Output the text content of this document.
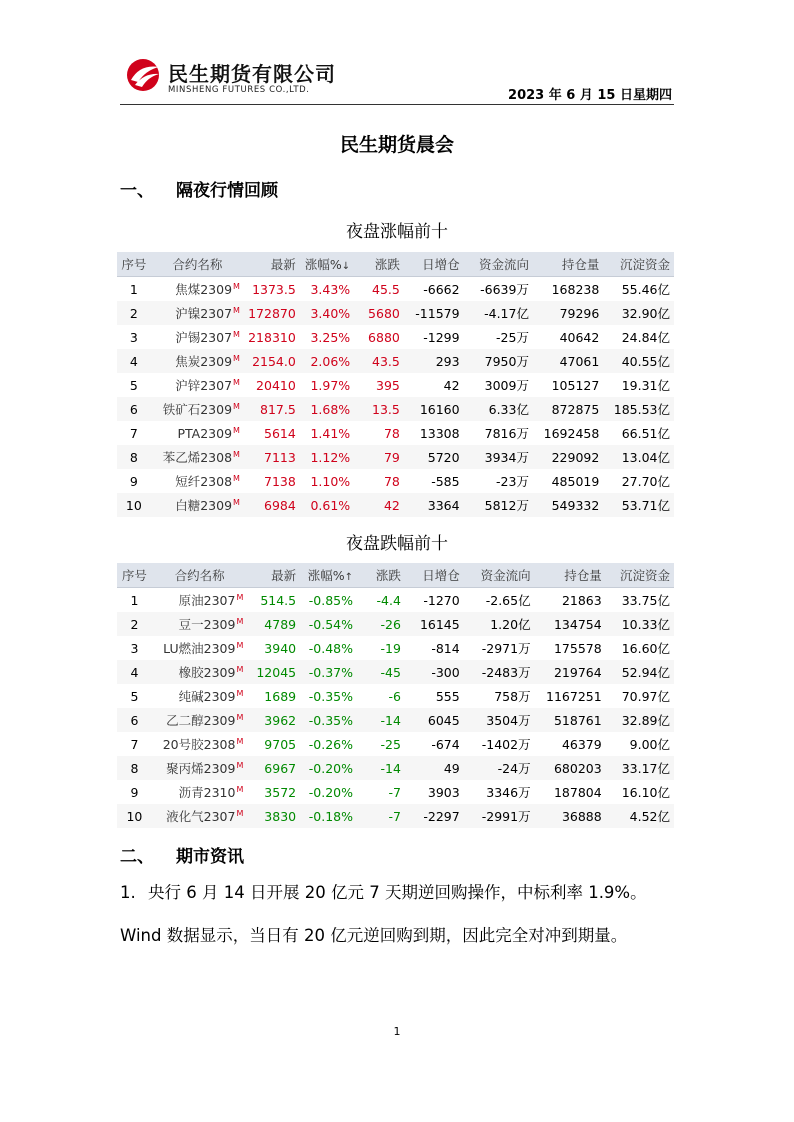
民生期货有限公司
MINSHENG FUTURES CO.,LTD.	2023 年 6 月 15 日星期四
民生期货晨会
一、 隔夜行情回顾
夜盘涨幅前十
序号	合约名称	最新	涨幅%↓	涨跌	日增仓	资金流向	持仓量	沉淀资金
1	焦煤$2309^M$	1373.5	3.43%	45.5	-6662	-6639万	168238	55.46亿
2	沪镍$2307^M$	172870	3.40%	5680	-11579	-4.17亿	79296	32.90亿
3	沪锡$2307^M$	218310	3.25%	6880	-1299	-25万	40642	24.84亿
4	焦炭$2309^M$	2154.0	2.06%	43.5	293	7950万	47061	40.55亿
5	沪锌$2307^M$	20410	1.97%	395	42	3009万	105127	19.31亿
6	铁矿石$2309^M$	817.5	1.68%	13.5	16160	6.33亿	872875	185.53亿
7	$PTA2309^M$	5614	1.41%	78	13308	7816万	1692458	66.51亿
8	苯乙烯$2308^M$	7113	1.12%	79	5720	3934万	229092	13.04亿
9	短纤$2308^M$	7138	1.10%	78	-585	-23万	485019	27.70亿
10	白糖$2309^M$	6984	0.61%	42	3364	5812万	549332	53.71亿
夜盘跌幅前十
序号	合约名称	最新	涨幅%↑	涨跌	日增仓	资金流向	持仓量	沉淀资金
1	原油$2307^M$	514.5	-0.85%	-4.4	-1270	-2.65亿	21863	33.75亿
2	豆一$2309^M$	4789	-0.54%	-26	16145	1.20亿	134754	10.33亿
3	LU燃油$2309^M$	3940	-0.48%	-19	-814	-2971万	175578	16.60亿
4	橡胶$2309^M$	12045	-0.37%	-45	-300	-2483万	219764	52.94亿
5	纯碱$2309^M$	1689	-0.35%	-6	555	758万	1167251	70.97亿
6	乙二醇$2309^M$	3962	-0.35%	-14	6045	3504万	518761	32.89亿
7	20号胶$2308^M$	9705	-0.26%	-25	-674	-1402万	46379	9.00亿
8	聚丙烯$2309^M$	6967	-0.20%	-14	49	-24万	680203	33.17亿
9	沥青$2310^M$	3572	-0.20%	-7	3903	3346万	187804	16.10亿
10	液化气$2307^M$	3830	-0.18%	-7	-2297	-2991万	36888	4.52亿
二、 期市资讯
1. 央行 6 月 14 日开展 20 亿元 7 天期逆回购操作，中标利率 1.9%。Wind 数据显示，当日有 20 亿元逆回购到期，因此完全对冲到期量。
1
